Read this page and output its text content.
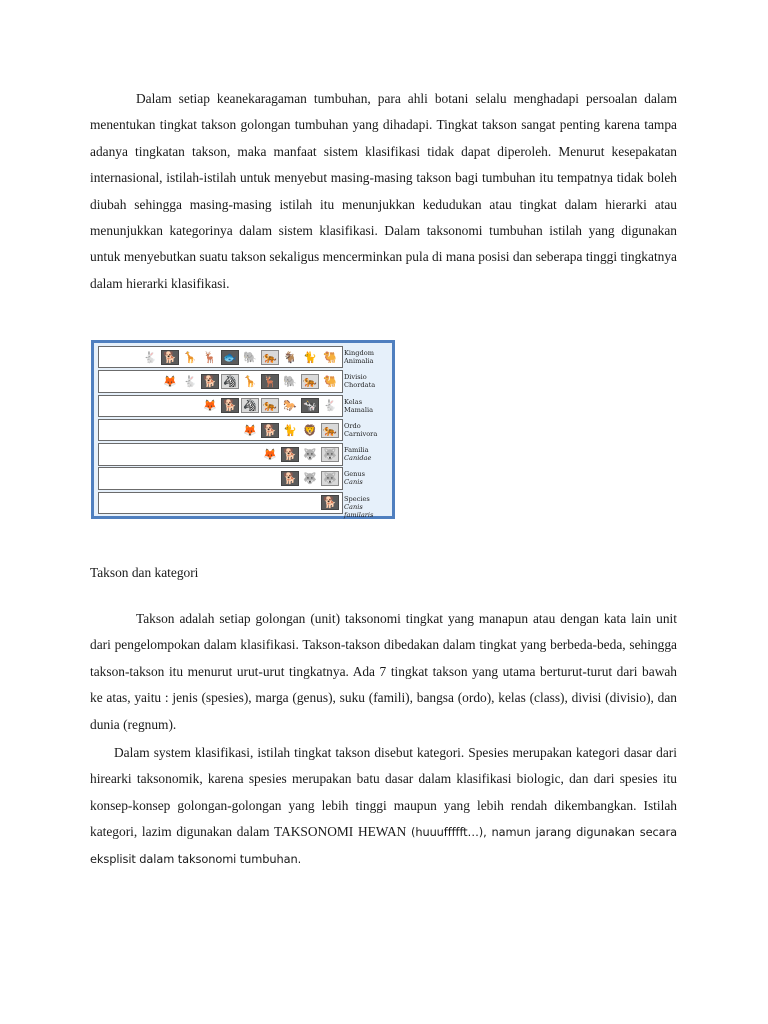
Dalam setiap keanekaragaman tumbuhan, para ahli botani selalu menghadapi persoalan dalam menentukan tingkat takson golongan tumbuhan yang dihadapi. Tingkat takson sangat penting karena tampa adanya tingkatan takson, maka manfaat sistem klasifikasi tidak dapat diperoleh. Menurut kesepakatan internasional, istilah-istilah untuk menyebut masing-masing takson bagi tumbuhan itu tempatnya tidak boleh diubah sehingga masing-masing istilah itu menunjukkan kedudukan atau tingkat dalam hierarki atau menunjukkan kategorinya dalam sistem klasifikasi. Dalam taksonomi tumbuhan istilah yang digunakan untuk menyebutkan suatu takson sekaligus mencerminkan pula di mana posisi dan seberapa tinggi tingkatnya dalam hierarki klasifikasi.

🐇 🐕 🦒 🦌 🐟 🐘 🐅 🐐 🐈 🐫
🦊 🐇 🐕 🦓 🦒 🦌 🐘 🐅 🐫
🦊 🐕 🦓 🐅 🐎 🐄 🐇
🦊 🐕 🐈 🦁 🐅
🦊 🐕 🐺 🐺
🐕 🐺 🐺
🐕
Kingdom
Animalia
Divisio
Chordata
Kelas
Mamalia
Ordo
Carnivora
Familia
Canidae
Genus
Canis
Species
Canis familaris
Takson dan kategori

Takson adalah setiap golongan (unit) taksonomi tingkat yang manapun atau dengan kata lain unit dari pengelompokan dalam klasifikasi. Takson-takson dibedakan dalam tingkat yang berbeda-beda, sehingga takson-takson itu menurut urut-urut tingkatnya. Ada 7 tingkat takson yang utama berturut-turut dari bawah ke atas, yaitu : jenis (spesies), marga (genus), suku (famili), bangsa (ordo), kelas (class), divisi (divisio), dan dunia (regnum).

Dalam system klasifikasi, istilah tingkat takson disebut kategori. Spesies merupakan kategori dasar dari hirearki taksonomik, karena spesies merupakan batu dasar dalam klasifikasi biologic, dan dari spesies itu konsep-konsep golongan-golongan yang lebih tinggi maupun yang lebih rendah dikembangkan. Istilah kategori, lazim digunakan dalam TAKSONOMI HEWAN (huuuffffft…), namun jarang digunakan secara eksplisit dalam taksonomi tumbuhan.
